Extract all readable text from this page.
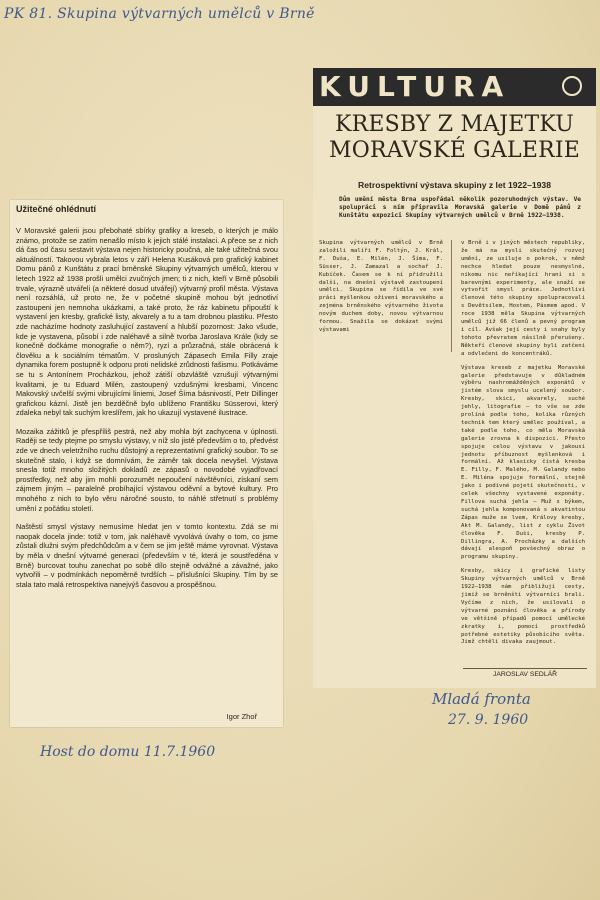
PK 81. Skupina výtvarných umělců v Brně
Užitečné ohlédnutí

V Moravské galerii jsou přebohaté sbírky grafiky a kreseb, o kterých je málo známo, protože se zatím nenašlo místo k jejich stálé instalaci. A přece se z nich dá čas od času sestavit výstava nejen historicky poučná, ale také užitečná svou aktuálností. Takovou vybrala letos v září Helena Kusáková pro grafický kabinet Domu pánů z Kunštátu z prací brněnské Skupiny výtvarných umělců, kterou v letech 1922 až 1938 prošli umělci zvučných jmen; ti z nich, kteří v Brně působili trvale, výrazně utvářeli (a některé dosud utvářejí) výtvarný profil města. Výstava není rozsáhlá, už proto ne, že v početné skupině mohou být jednotliví zastoupeni jen nemnoha ukázkami, a také proto, že ráz kabinetu připouští k vystavení jen kresby, grafické listy, akvarely a tu a tam drobnou plastiku. Přesto zde nacházíme hodnoty zasluhující zastavení a hlubší pozornost: Jako všude, kde je vystavena, působí i zde naléhavě a silně tvorba Jaroslava Krále (kdy se konečně dočkáme monografie o něm?), ryzí a průzračná, stále obrácená k člověku a k sociálním tématům. V prosluných Zápasech Emila Filly zraje dynamika forem postupně k odporu proti nelidské zrůdnosti fašismu. Potkáváme se tu s Antonínem Procházkou, jehož zátiší obzvláště vzrušují výtvarnými kvalitami, je tu Eduard Milén, zastoupený vzdušnými kresbami, Vincenc Makovský uvčelší svými vibrujícími liniemi, Josef Šíma básnivostí, Petr Dillinger grafickou kázní. Jistě jen bezděčně bylo ublíženo Františku Süsserovi, který zdaleka nebyl tak suchým kreslířem, jak ho ukazují vystavené ilustrace.

Mozaika zážitků je přespříliš pestrá, než aby mohla být zachycena v úplnosti. Raději se tedy ptejme po smyslu výstavy, v níž slo jistě především o to, předvést zde ve dnech veletržního ruchu důstojný a reprezentativní grafický soubor. To se skutečně stalo, i když se domnívám, že záměr tak docela nevyšel. Výstava snesla totiž mnoho složitých dokladů ze zápasů o novodobé vyjadřovací prostředky, než aby jim mohli porozumět nepoučení návštěvníci, získaní sem zájmem jiným – paralelně probíhající výstavou oděvní a bytové kultury. Pro mnohého z nich to bylo věru náročné sousto, to náhlé střetnutí s problémy umění z počátku století.

Naštěstí smysl výstavy nemusíme hledat jen v tomto kontextu. Zdá se mi naopak docela jinde: totiž v tom, jak naléhavě vyvolává úvahy o tom, co jsme zůstali dlužni svým předchůdcům a v čem se jim ještě máme vyrovnat. Výstava by měla v dnešní výtvarné generaci (především v té, která je soustředěna v Brně) burcovat touhu zanechat po sobě dílo stejně odvážné a závažné, jako vytvořili – v podmínkách nepoměrně tvrdších – příslušníci Skupiny. Tím by se stala tato malá retrospektiva nanejvýš časovou a prospěšnou.

Igor Zhoř
KULTURA
KRESBY Z MAJETKU
MORAVSKÉ GALERIE
Retrospektivní výstava skupiny z let 1922–1938
Dům umění města Brna uspořádal několik pozoruhodných výstav. Ve spolupráci s ním připravila Moravská galerie v Domě pánů z Kunštátu expozici Skupiny výtvarných umělců v Brně 1922–1938.

Skupina výtvarných umělců v Brně založili malíři F. Foltýn, J. Král, F. Duša, E. Milén, J. Šíma, F. Süsser, J. Zamazal a sochař J. Kubíček. Časem se k ní přidružili další, na dnešní výstavě zastoupení umělci. Skupina se řídila ve své práci myšlenkou oživení moravského a zejména brněnského výtvarného života novým duchem doby, novou výtvarnou formou. Snažila se dokázat svými výstavami

v Brně i v jiných městech republiky, že má na mysli skutečný rozvoj umění, ze usiluje o pokrok, v němž nechce hledat pouze nesmyslné, nikomu nic neříkající hraní si s barevnými experimenty, ale snaží se vytvořit smysl práce. Jednotliví členové této skupiny spolupracovali s Devětsilem, Hostem, Pásmem apod. V roce 1938 měla Skupina výtvarných umělců již 66 členů a pevný program i cíl. Avšak její cesty i snahy byly tohoto převratem násilně přerušeny. Někteří členové skupiny byli zatčeni a odvlečeni do koncentráků.

Výstava kreseb z majetku Moravské galerie představuje v důkladném výběru nashromážděných exponátů v jistém slova smyslu ucelený soubor. Kresby, skici, akvarely, suché jehly, litografie – to vše se zde prolíná podle toho, kolika různých technik tem který umělec používal, a také podle toho, co měla Moravská galerie zrovna k dispozici. Přesto spojuje celou výstavu v jakousi jednotu příbuznost myšlenková i formální. Až klasicky čistá kresba E. Filly, F. Malého, M. Galandy nebo E. Miléna spojuje formální, stejně jako i podivné pojetí skutečnosti, v celek všechny vystavené exponáty. Fillova suchá jehla – Muž s býkem, suchá jehla komponovaná s akvatintou Zápas muže se lvem, Královy kresby, Akt M. Galandy, list z cyklu Život člověka F. Duši, kresby P. Dillingra, A. Procházky a dalších dávají alespoň povšechný obraz o programu skupiny.

Kresby, skicy i grafické listy Skupiny výtvarných umělců v Brně 1922–1938 nám přibližují cesty, jimiž se brněnští výtvarníci brali. Vyčíme z nich, že usilovali o výtvarné poznání člověka a přírody ve většině případů pomocí umělecké zkratky i, pomocí prostředků potřebné estetiky působícího světa. Jimž chtěli divaka zaujmout.

JAROSLAV SEDLÁŘ
Mladá fronta
27. 9. 1960
Host do domu 11.7.1960
